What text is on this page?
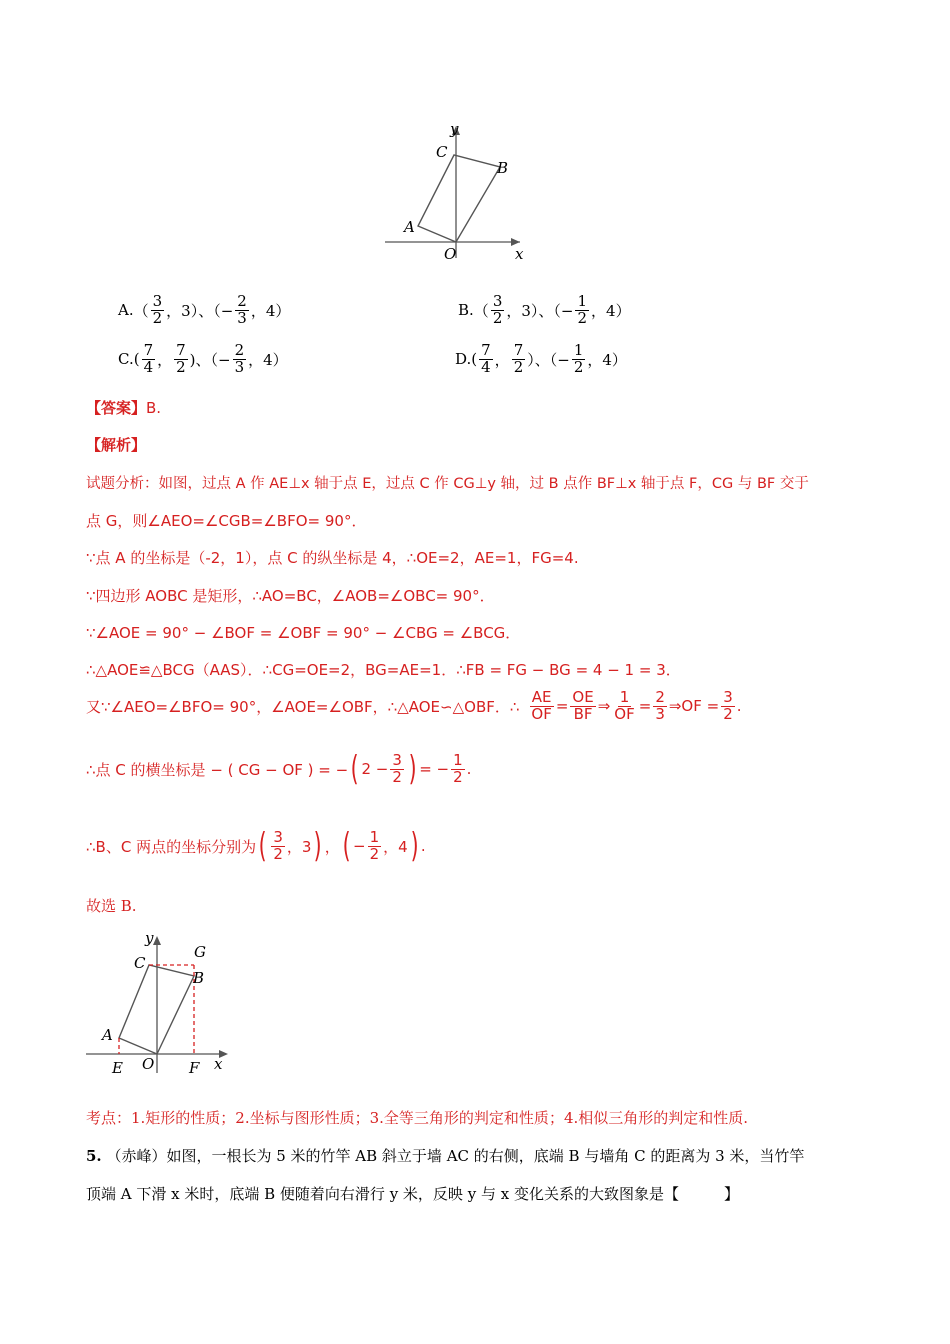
y
C
B
A
O	x
A. （ $\frac{3}{2}$ ，3）、（− $\frac{2}{3}$ ，4）	B. （ $\frac{3}{2}$ ，3）、（− $\frac{1}{2}$ ，4）
$C.( \frac{7}{4}$ ， $\frac{7}{2}$ )、（− $\frac{2}{3}$ ，4）	$D.( \frac{7}{4}$ ， $\frac{7}{2}$ ）、（− $\frac{1}{2}$ ，4）
【答案】B.
【解析】
试题分析：如图，过点 A 作 AE⊥x 轴于点 E，过点 C 作 CG⊥y 轴，过 B 点作 BF⊥x 轴于点 F，CG 与 BF 交于
点 G，则∠AEO=∠CGB=∠BFO= 90°．
∵点 A 的坐标是（-2，1），点 C 的纵坐标是 4，∴OE=2，AE=1，FG=4.
∵四边形 AOBC 是矩形，∴AO=BC，∠AOB=∠OBC= 90°．
∵∠AOE = 90° − ∠BOF = ∠OBF = 90° − ∠CBG = ∠BCG．
∴△AOE≌△BCG（AAS）．∴CG=OE=2，BG=AE=1．∴FB = FG − BG = 4 − 1 = 3．
又∵∠AEO=∠BFO= 90°，∠AOE=∠OBF，∴△AOE∽△OBF．∴ $\frac{AE}{OF} = \frac{OE}{BF}$ ⇒ $\frac{1}{OF} = \frac{2}{3}$ ⇒OF = $\frac{3}{2}$ .
∴点 C 的横坐标是 − ( CG − OF ) = − ( $2 - \frac{3}{2}$ ) = − $\frac{1}{2}$ .
∴B、C 两点的坐标分别为 ( $\frac{3}{2}$ ，3 ) ， ( − $\frac{1}{2}$ ，4 ) .
故选 B.
y
C
G
B
A
E O F x
考点：1.矩形的性质；2.坐标与图形性质；3.全等三角形的判定和性质；4.相似三角形的判定和性质.
5. （赤峰）如图，一根长为 5 米的竹竿 AB 斜立于墙 AC 的右侧，底端 B 与墙角 C 的距离为 3 米，当竹竿
顶端 A 下滑 x 米时，底端 B 便随着向右滑行 y 米，反映 y 与 x 变化关系的大致图象是【　　　】
